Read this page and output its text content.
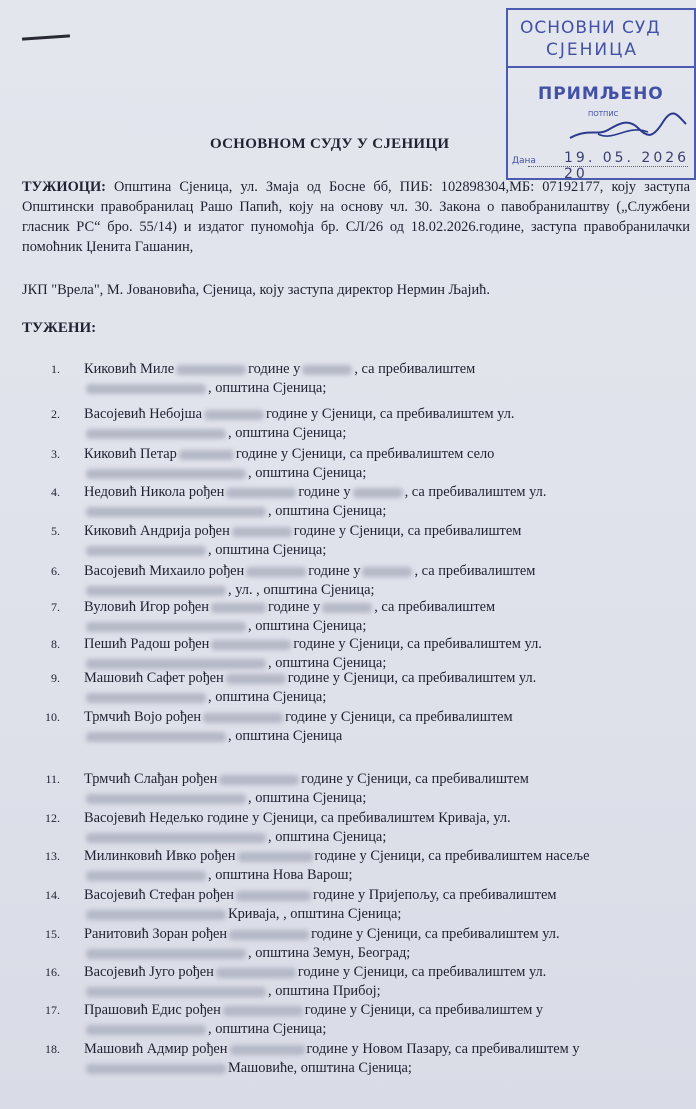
ОСНОВНИ СУД
СЈЕНИЦА
ПРИМЉЕНО
ПОТПИС
Дана 19. 05. 2026 20
ОСНОВНОМ СУДУ У СЈЕНИЦИ
ТУЖИОЦИ: Општина Сјеница, ул. Змаја од Босне бб, ПИБ: 102898304,МБ: 07192177, коју заступа Општински правобранилац Рашо Папић, коју на основу чл. 30. Закона о павобранилаштву („Службени гласник РС“ бро. 55/14) и издатог пуномоћја бр. СЛ/26 од 18.02.2026.године, заступа правобранилачки помоћник Џенита Гашанин,
ЈКП "Врела", М. Јовановића, Сјеница, коју заступа директор Нермин Љајић.
ТУЖЕНИ:
1. Киковић Миле	године у	, са пребивалиштем
, општина Сјеница;
2. Васојевић Небојша	године у Сјеници, са пребивалиштем ул.
, општина Сјеница;
3. Киковић Петар	године у Сјеници, са пребивалиштем село
, општина Сјеница;
4. Недовић Никола рођен	године у	, са пребивалиштем ул.
, општина Сјеница;
5. Киковић Андрија рођен	године у Сјеници, са пребивалиштем
, општина Сјеница;
6. Васојевић Михаило рођен	године у	, са пребивалиштем
, ул. , општина Сјеница;
7. Вуловић Игор рођен	године у	, са пребивалиштем
, општина Сјеница;
8. Пешић Радош рођен	године у Сјеници, са пребивалиштем ул.
, општина Сјеница;
9. Машовић Сафет рођен	године у Сјеници, са пребивалиштем ул.
, општина Сјеница;
10. Трмчић Војо рођен	године у Сјеници, са пребивалиштем
, општина Сјеница
11. Трмчић Слађан рођен	године у Сјеници, са пребивалиштем
, општина Сјеница;
12. Васојевић Недељко године у Сјеници, са пребивалиштем Криваја, ул.
, општина Сјеница;
13. Милинковић Ивко рођен	године у Сјеници, са пребивалиштем насеље
, општина Нова Варош;
14. Васојевић Стефан рођен	године у Пријепољу, са пребивалиштем
Криваја, , општина Сјеница;
15. Ранитовић Зоран рођен	године у Сјеници, са пребивалиштем ул.
, општина Земун, Београд;
16. Васојевић Југо рођен	године у Сјеници, са пребивалиштем ул.
, општина Прибој;
17. Прашовић Едис рођен	године у Сјеници, са пребивалиштем у
, општина Сјеница;
18. Машовић Адмир рођен	године у Новом Пазару, са пребивалиштем у
Машовиће, општина Сјеница;
